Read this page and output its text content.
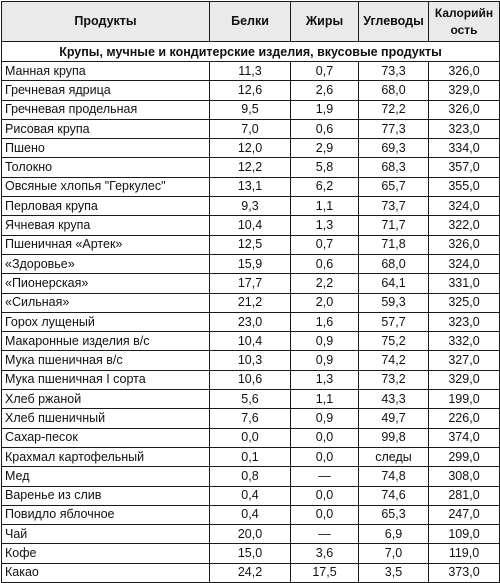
Продукты	Белки	Жиры	Углеводы	Калорийн ость
Крупы, мучные и кондитерские изделия, вкусовые продукты				
Манная крупа	11,3	0,7	73,3	326,0
Гречневая ядрица	12,6	2,6	68,0	329,0
Гречневая продельная	9,5	1,9	72,2	326,0
Рисовая крупа	7,0	0,6	77,3	323,0
Пшено	12,0	2,9	69,3	334,0
Толокно	12,2	5,8	68,3	357,0
Овсяные хлопья "Геркулес"	13,1	6,2	65,7	355,0
Перловая крупа	9,3	1,1	73,7	324,0
Ячневая крупа	10,4	1,3	71,7	322,0
Пшеничная «Артек»	12,5	0,7	71,8	326,0
«Здоровье»	15,9	0,6	68,0	324,0
«Пионерская»	17,7	2,2	64,1	331,0
«Сильная»	21,2	2,0	59,3	325,0
Горох лущеный	23,0	1,6	57,7	323,0
Макаронные изделия в/с	10,4	0,9	75,2	332,0
Мука пшеничная в/с	10,3	0,9	74,2	327,0
Мука пшеничная I сорта	10,6	1,3	73,2	329,0
Хлеб ржаной	5,6	1,1	43,3	199,0
Хлеб пшеничный	7,6	0,9	49,7	226,0
Сахар-песок	0,0	0,0	99,8	374,0
Крахмал картофельный	0,1	0,0	следы	299,0
Мед	0,8	—	74,8	308,0
Варенье из слив	0,4	0,0	74,6	281,0
Повидло яблочное	0,4	0,0	65,3	247,0
Чай	20,0	—	6,9	109,0
Кофе	15,0	3,6	7,0	119,0
Какао	24,2	17,5	3,5	373,0
